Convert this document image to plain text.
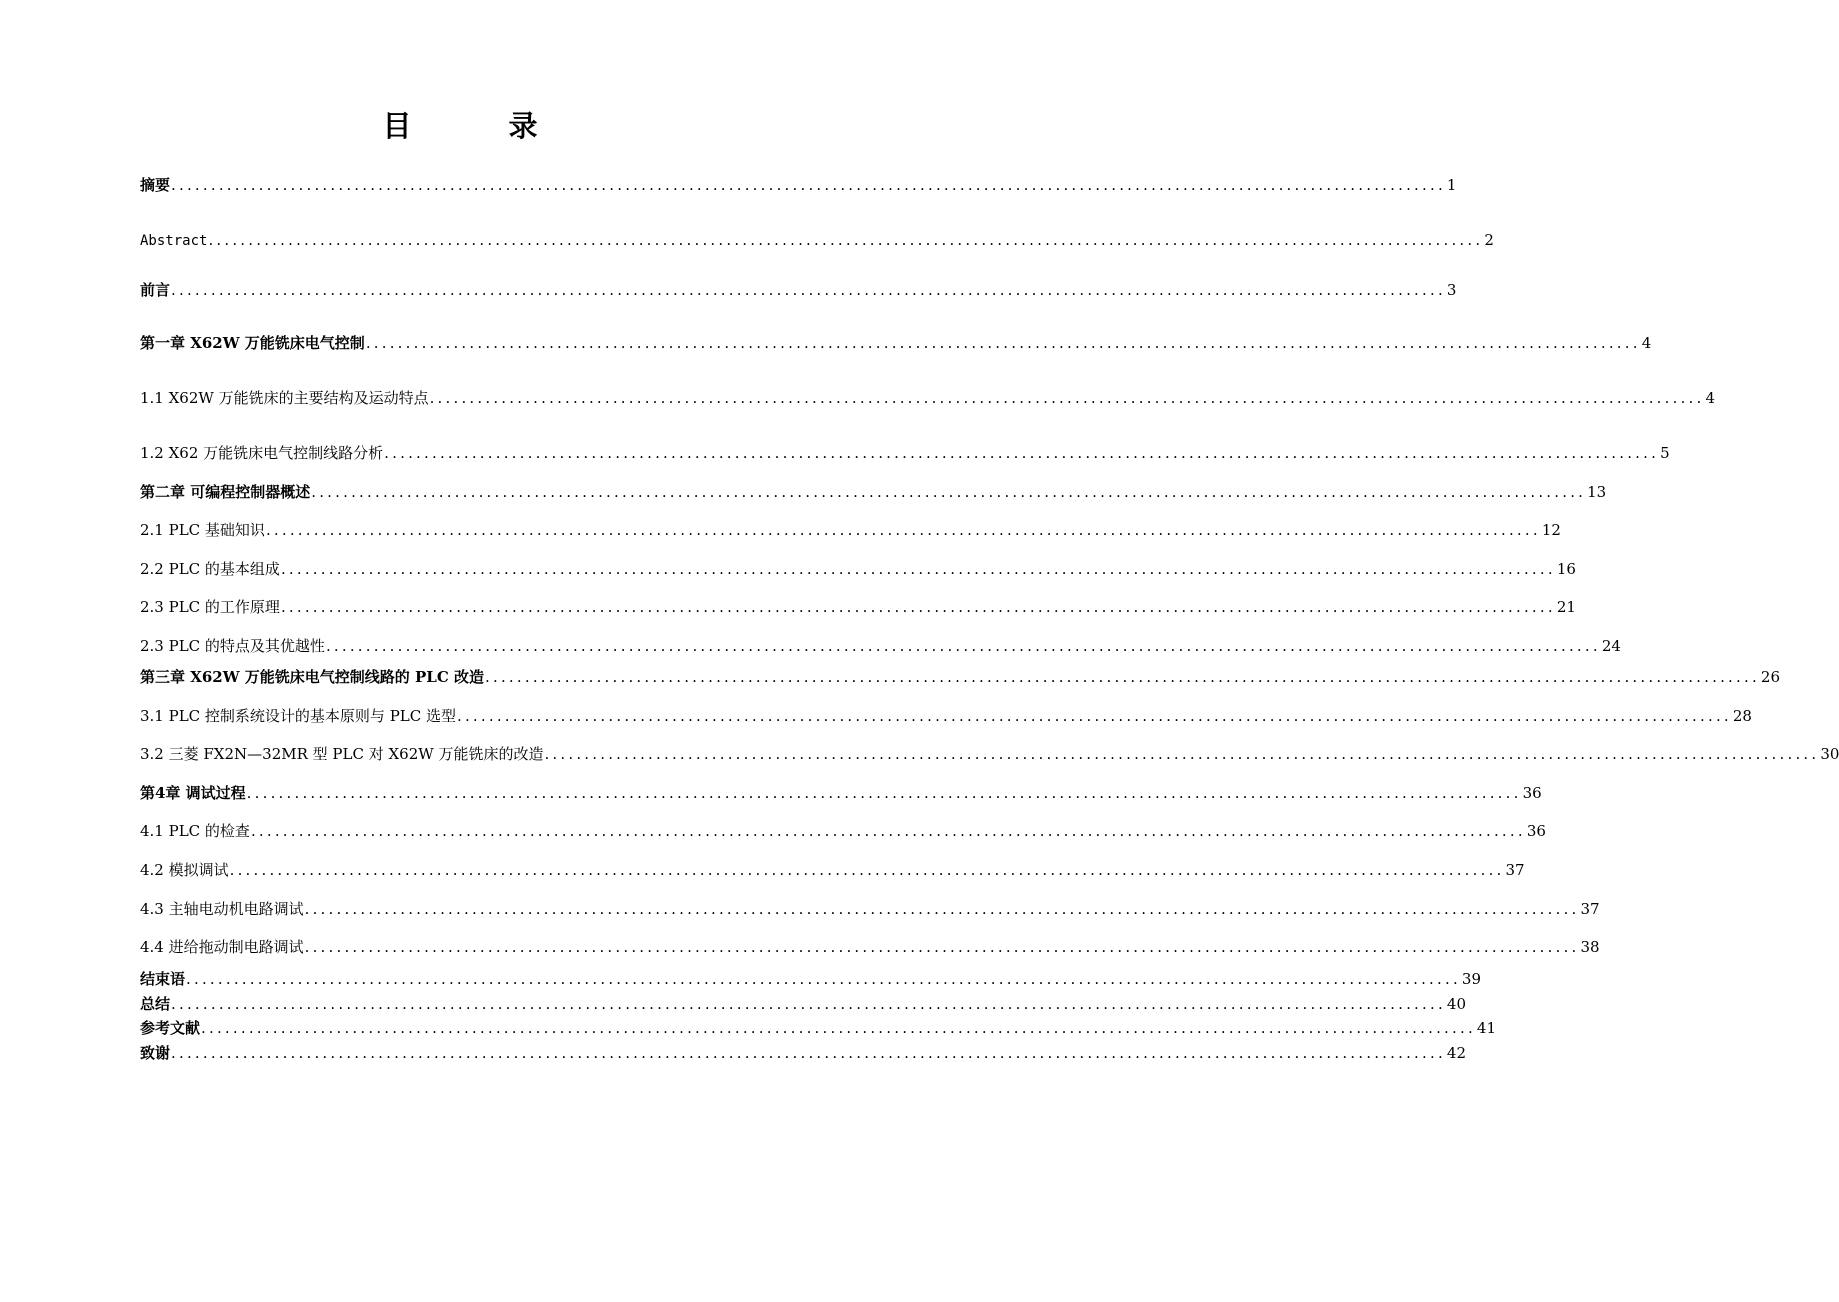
目　录
摘要 ................................................................................................................................................................ 1
Abstract ................................................................................................................................................................ 2
前言 ................................................................................................................................................................ 3
第一章 X62W 万能铣床电气控制 ................................................................................................................................................................ 4
1.1 X62W 万能铣床的主要结构及运动特点 ................................................................................................................................................................ 4
1.2 X62 万能铣床电气控制线路分析 ................................................................................................................................................................ 5
第二章 可编程控制器概述 ................................................................................................................................................................ 13
2.1 PLC 基础知识 ................................................................................................................................................................ 12
2.2 PLC 的基本组成 ................................................................................................................................................................ 16
2.3 PLC 的工作原理 ................................................................................................................................................................ 21
2.3 PLC 的特点及其优越性 ................................................................................................................................................................ 24
第三章 X62W 万能铣床电气控制线路的 PLC 改造 ................................................................................................................................................................ 26
3.1 PLC 控制系统设计的基本原则与 PLC 选型 ................................................................................................................................................................ 28
3.2 三菱 FX2N—32MR 型 PLC 对 X62W 万能铣床的改造 ................................................................................................................................................................ 30
第4章 调试过程 ................................................................................................................................................................ 36
4.1 PLC 的检查 ................................................................................................................................................................ 36
4.2 模拟调试 ................................................................................................................................................................ 37
4.3 主轴电动机电路调试 ................................................................................................................................................................ 37
4.4 进给拖动制电路调试 ................................................................................................................................................................ 38
结束语 ................................................................................................................................................................ 39
总结 ................................................................................................................................................................ 40
参考文献 ................................................................................................................................................................ 41
致谢 ................................................................................................................................................................ 42
